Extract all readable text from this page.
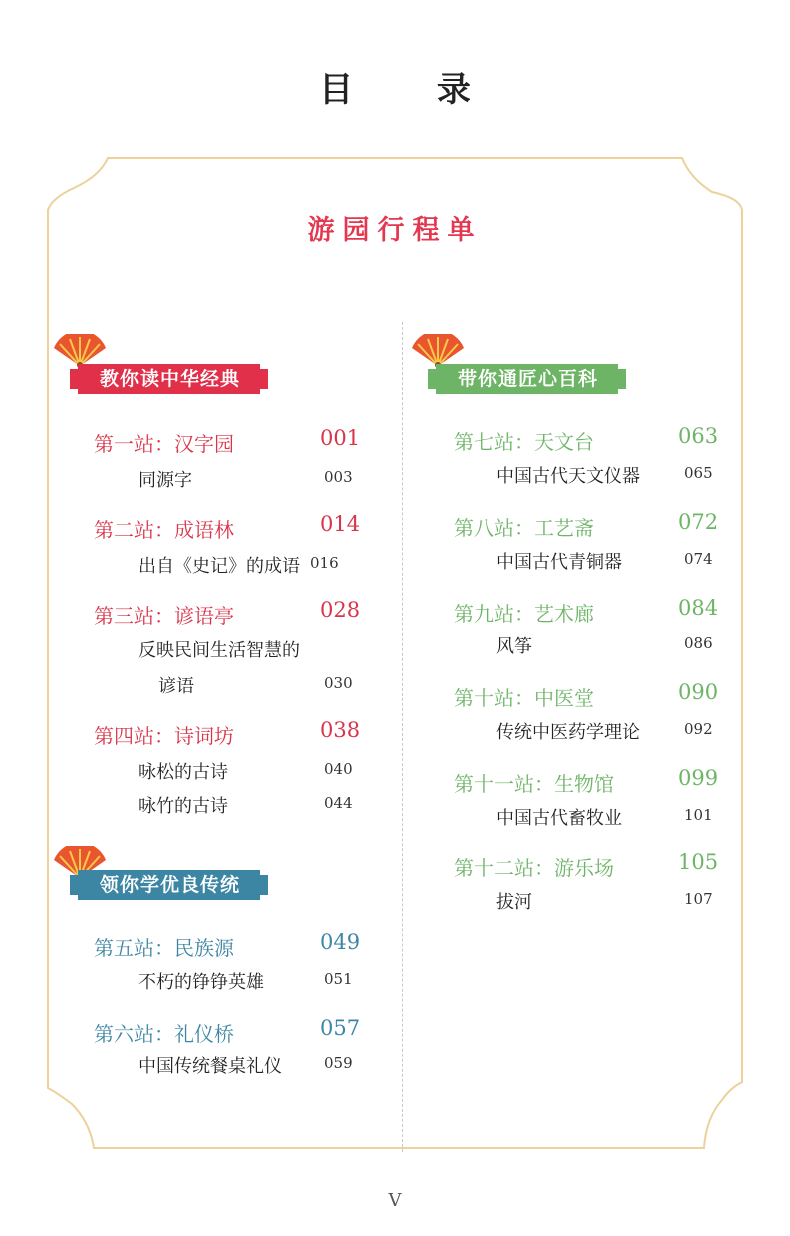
目 录
游园行程单
教你读中华经典	带你通匠心百科
领你学优良传统
第一站：汉字园	001
同源字	003
第二站：成语林	014
出自《史记》的成语 016
第三站：谚语亭	028
反映民间生活智慧的
谚语	030
第四站：诗词坊	038
咏松的古诗	040
咏竹的古诗	044
第五站：民族源	049
不朽的铮铮英雄	051
第六站：礼仪桥	057
中国传统餐桌礼仪	059
第七站：天文台	063
中国古代天文仪器	065
第八站：工艺斋	072
中国古代青铜器	074
第九站：艺术廊	084
风筝	086
第十站：中医堂	090
传统中医药学理论	092
第十一站：生物馆	099
中国古代畜牧业	101
第十二站：游乐场	105
拔河	107
V
